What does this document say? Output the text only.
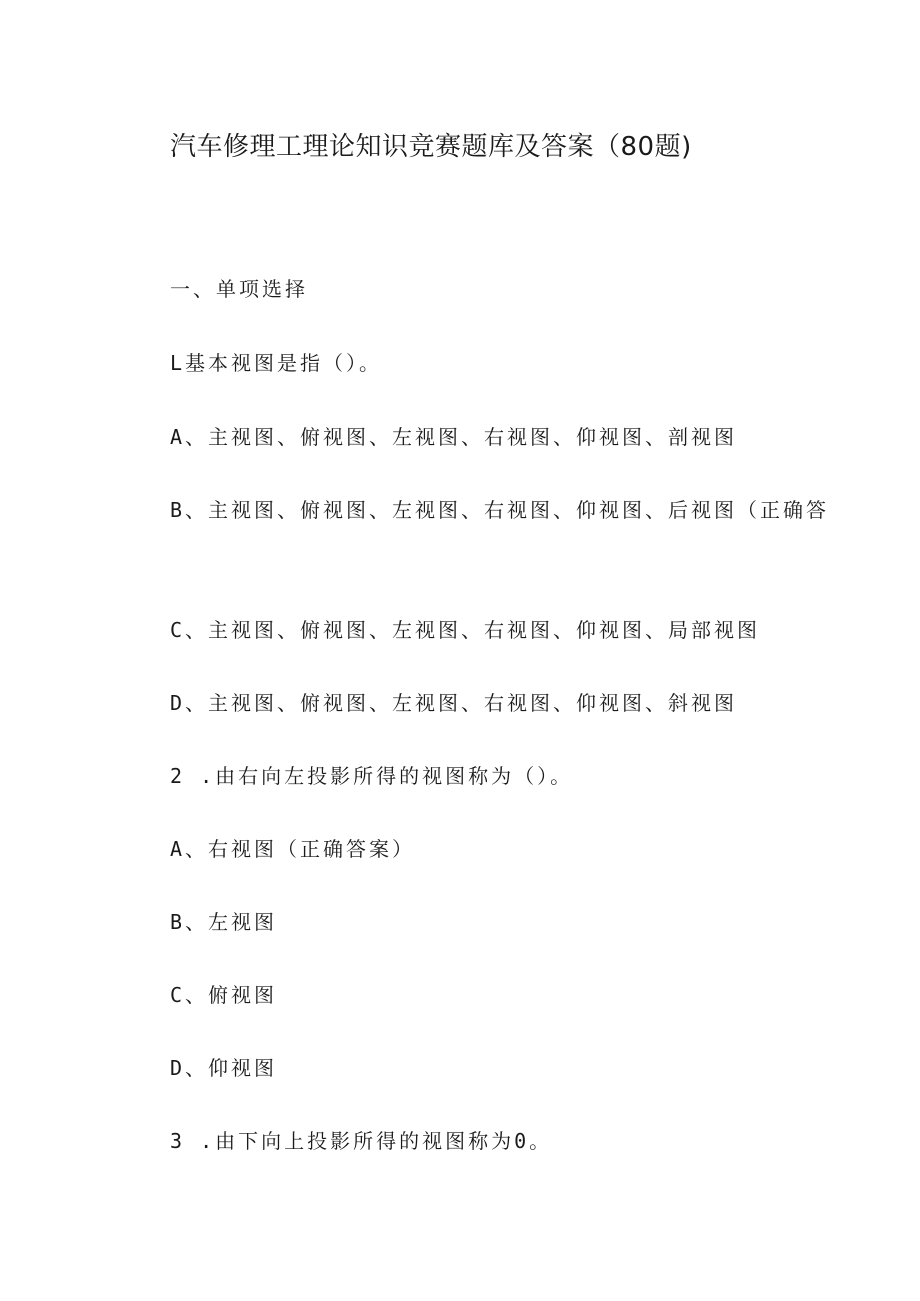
汽车修理工理论知识竞赛题库及答案（80题)
一、单项选择
L基本视图是指（）。
A、主视图、俯视图、左视图、右视图、仰视图、剖视图
B、主视图、俯视图、左视图、右视图、仰视图、后视图（正确答
C、主视图、俯视图、左视图、右视图、仰视图、局部视图
D、主视图、俯视图、左视图、右视图、仰视图、斜视图
2 .由右向左投影所得的视图称为（）。
A、右视图（正确答案）
B、左视图
C、俯视图
D、仰视图
3 .由下向上投影所得的视图称为0。
